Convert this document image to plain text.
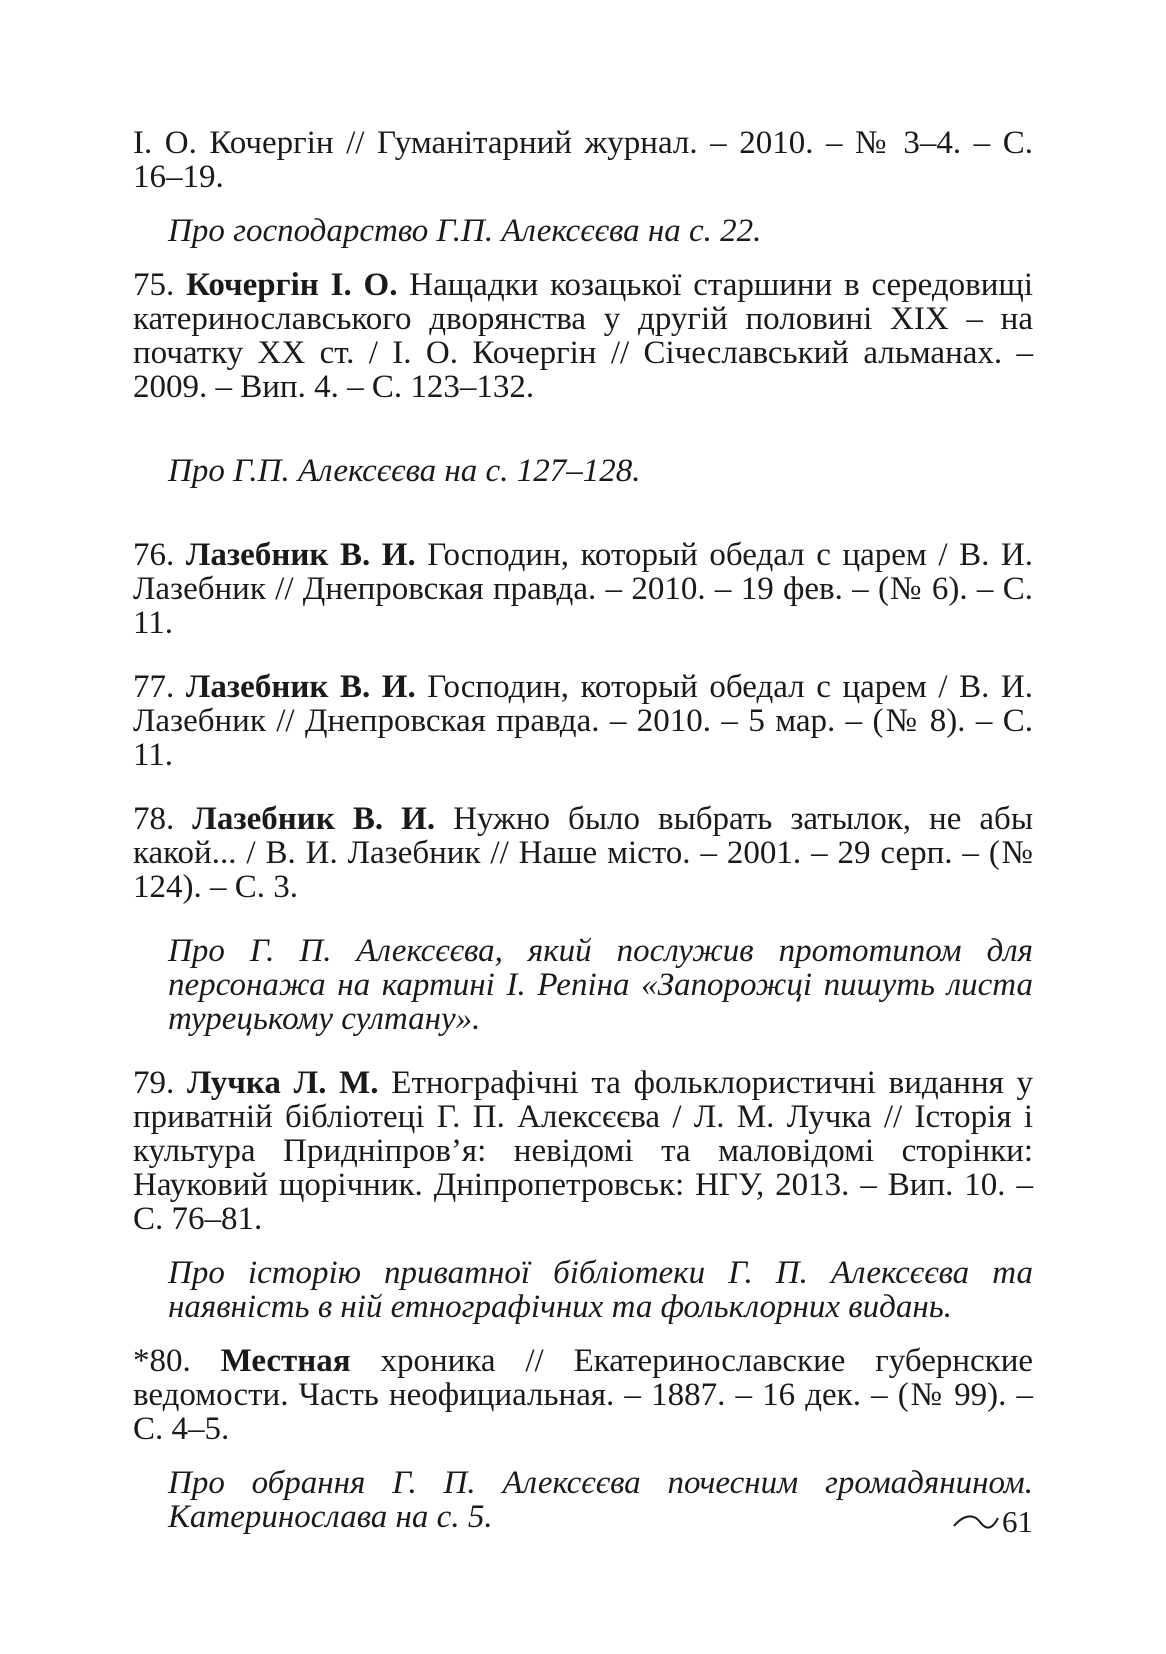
І. О. Кочергін // Гуманітарний журнал. – 2010. – № 3–4. – С. 16–19.

Про господарство Г.П. Алексєєва на с. 22.

75. Кочергін І. О. Нащадки козацької старшини в середовищі катеринославського дворянства у другій половині ХІХ – на початку ХХ ст. / І. О. Кочергін // Січеславський альманах. –2009. – Вип. 4. – С. 123–132.

Про Г.П. Алексєєва на с. 127–128.

76. Лазебник В. И. Господин, который обедал с царем / В. И. Лазебник // Днепровская правда. – 2010. – 19 фев. – (№ 6). – С. 11.

77. Лазебник В. И. Господин, который обедал с царем / В. И. Лазебник // Днепровская правда. – 2010. – 5 мар. – (№ 8). – С. 11.

78. Лазебник В. И. Нужно было выбрать затылок, не абы какой... / В. И. Лазебник // Наше місто. – 2001. – 29 серп. – (№ 124). – С. 3.

Про Г. П. Алексєєва, який послужив прототипом для персонажа на картині І. Репіна «Запорожці пишуть листа турецькому султану».

79. Лучка Л. М. Етнографічні та фольклористичні видання у приватній бібліотеці Г. П. Алексєєва / Л. М. Лучка // Історія і культура Придніпров’я: невідомі та маловідомі сторінки: Науковий щорічник. Дніпропетровськ: НГУ, 2013. – Вип. 10. – С. 76–81.

Про історію приватної бібліотеки Г. П. Алексєєва та наявність в ній етнографічних та фольклорних видань.

*80. Местная хроника // Екатеринославские губернские ведомости. Часть неофициальная. – 1887. – 16 дек. – (№ 99). – С. 4–5.

Про обрання Г. П. Алексєєва почесним громадянином. Катеринослава на с. 5.	61
